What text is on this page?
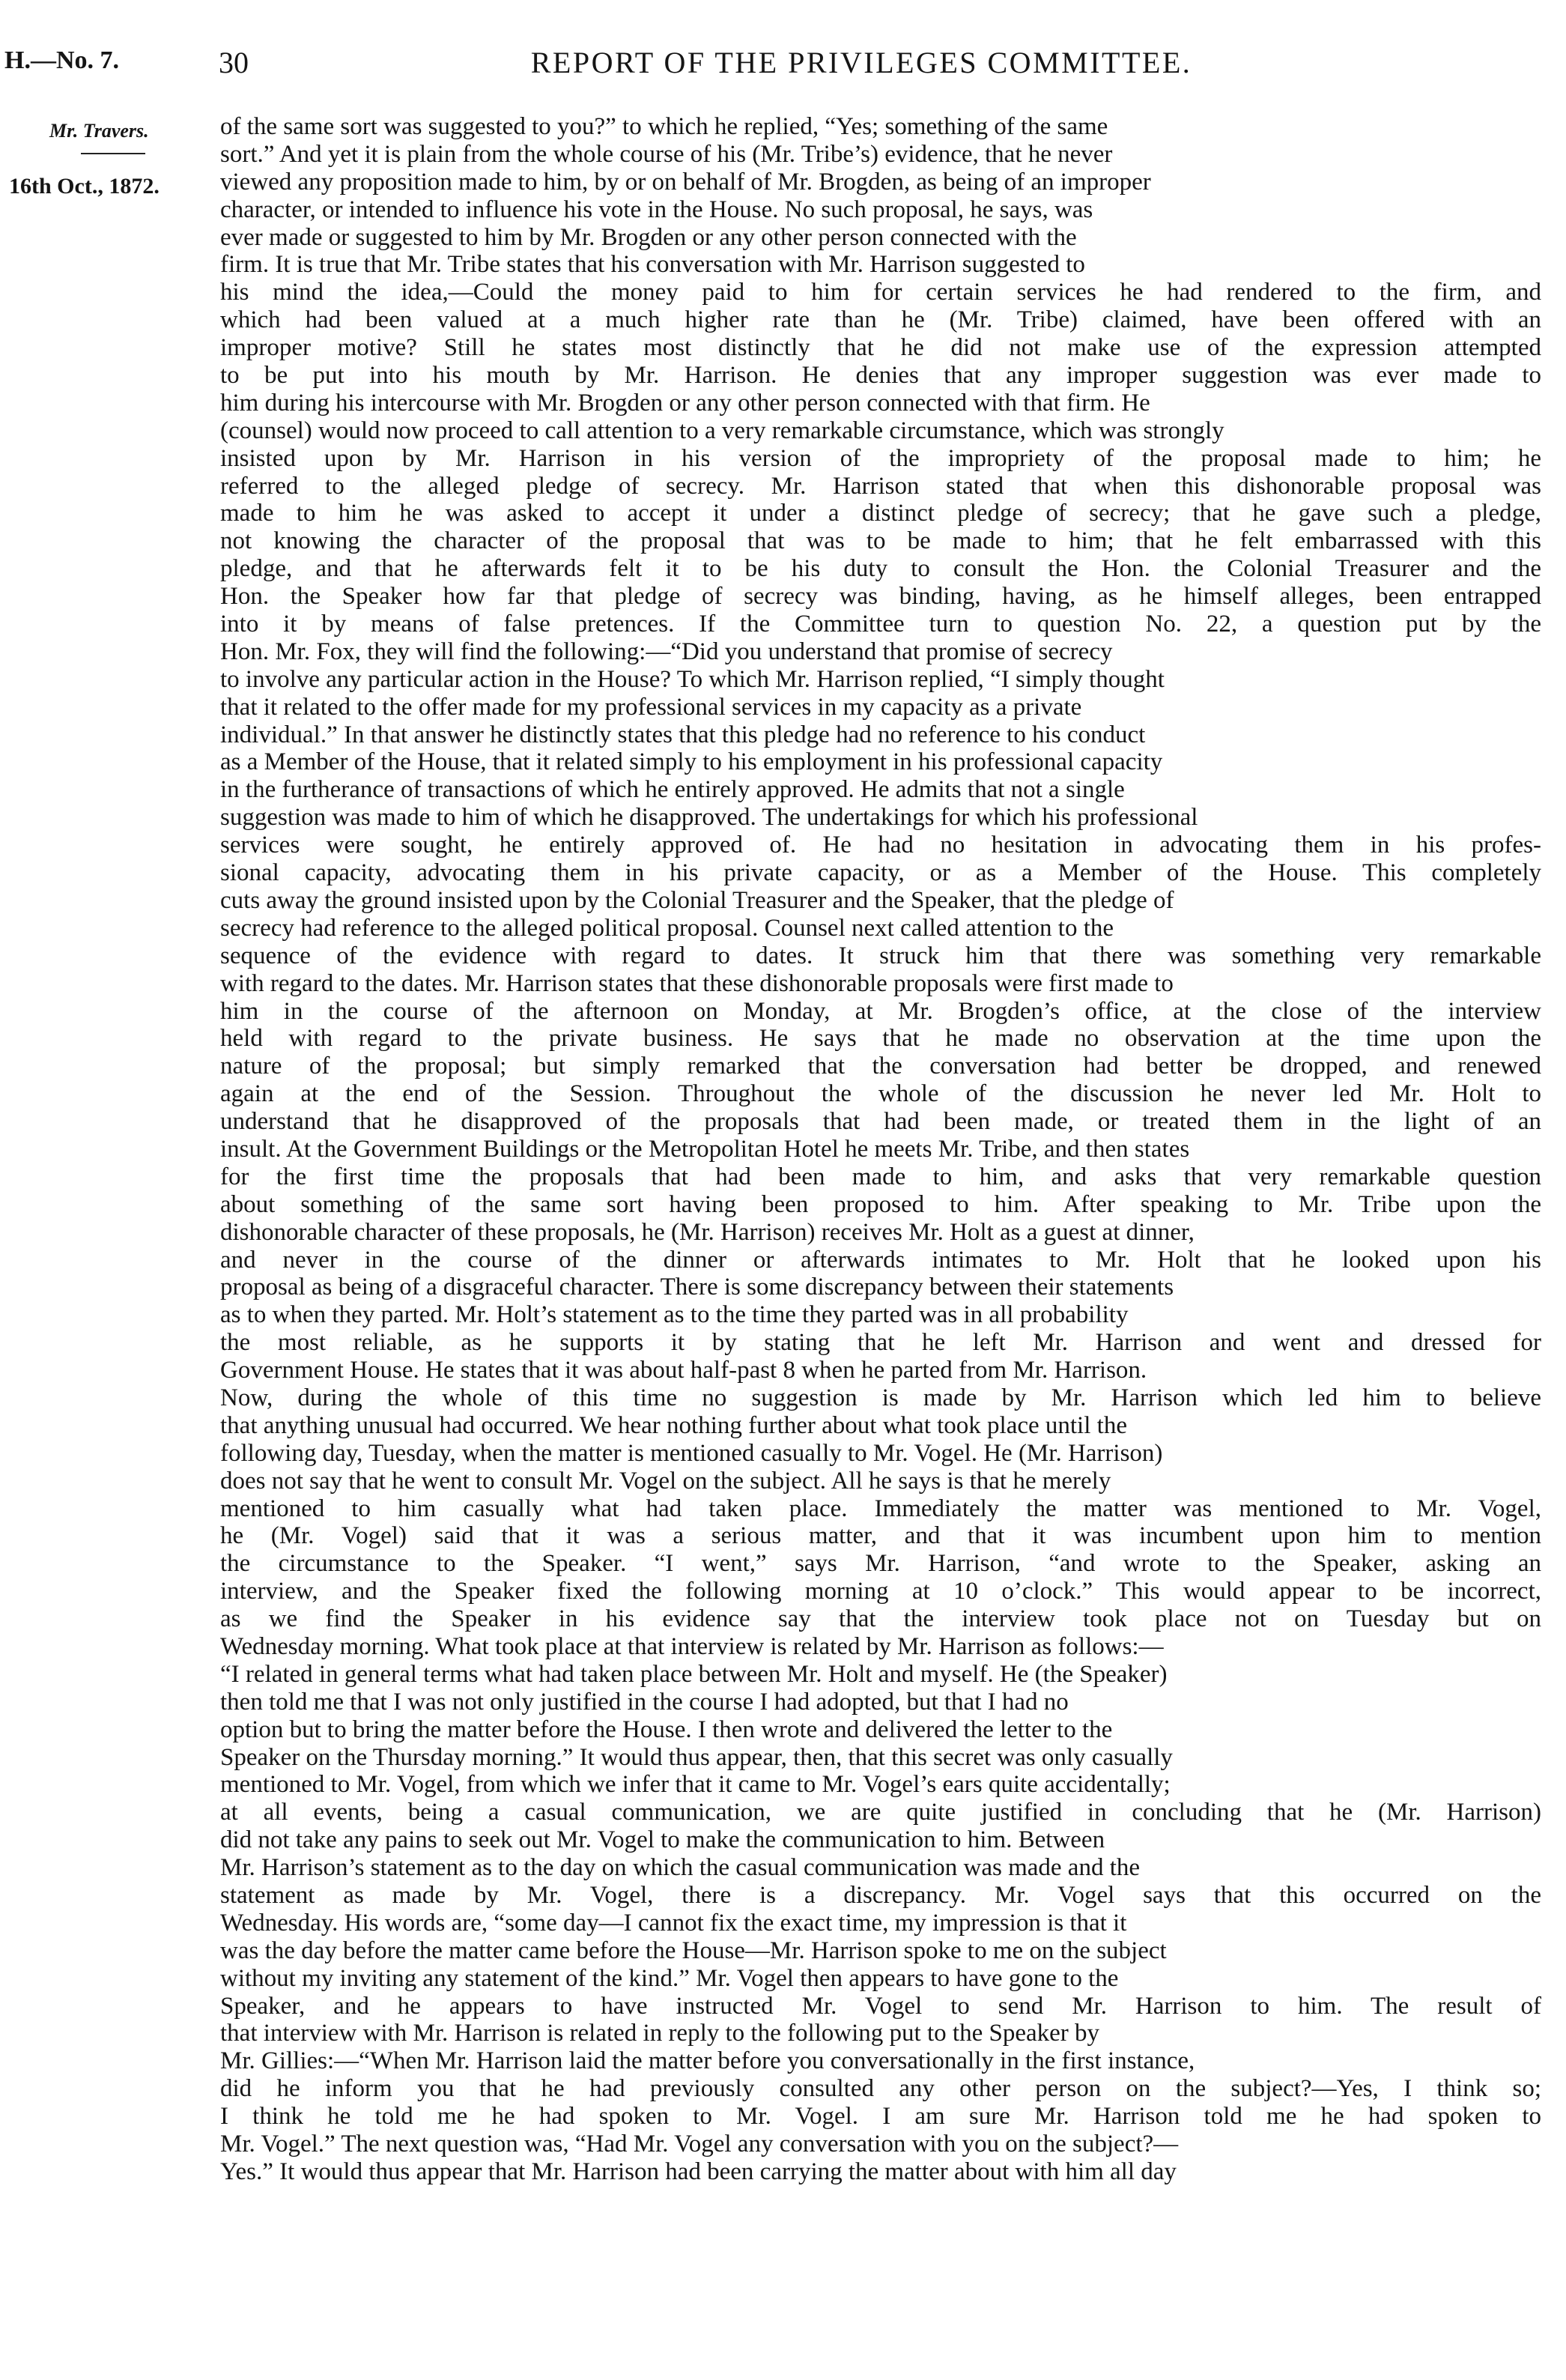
H.—No. 7.	30	REPORT OF THE PRIVILEGES COMMITTEE.
Mr. Travers.
16th Oct., 1872.
of the same sort was suggested to you?” to which he replied, “Yes; something of the same
sort.” And yet it is plain from the whole course of his (Mr. Tribe’s) evidence, that he never
viewed any proposition made to him, by or on behalf of Mr. Brogden, as being of an improper
character, or intended to influence his vote in the House. No such proposal, he says, was
ever made or suggested to him by Mr. Brogden or any other person connected with the
firm. It is true that Mr. Tribe states that his conversation with Mr. Harrison suggested to
his mind the idea,—Could the money paid to him for certain services he had rendered to the firm, and
which had been valued at a much higher rate than he (Mr. Tribe) claimed, have been offered with an
improper motive? Still he states most distinctly that he did not make use of the expression attempted
to be put into his mouth by Mr. Harrison. He denies that any improper suggestion was ever made to
him during his intercourse with Mr. Brogden or any other person connected with that firm. He
(counsel) would now proceed to call attention to a very remarkable circumstance, which was strongly
insisted upon by Mr. Harrison in his version of the impropriety of the proposal made to him; he
referred to the alleged pledge of secrecy. Mr. Harrison stated that when this dishonorable proposal was
made to him he was asked to accept it under a distinct pledge of secrecy; that he gave such a pledge,
not knowing the character of the proposal that was to be made to him; that he felt embarrassed with this
pledge, and that he afterwards felt it to be his duty to consult the Hon. the Colonial Treasurer and the
Hon. the Speaker how far that pledge of secrecy was binding, having, as he himself alleges, been entrapped
into it by means of false pretences. If the Committee turn to question No. 22, a question put by the
Hon. Mr. Fox, they will find the following:—“Did you understand that promise of secrecy
to involve any particular action in the House? To which Mr. Harrison replied, “I simply thought
that it related to the offer made for my professional services in my capacity as a private
individual.” In that answer he distinctly states that this pledge had no reference to his conduct
as a Member of the House, that it related simply to his employment in his professional capacity
in the furtherance of transactions of which he entirely approved. He admits that not a single
suggestion was made to him of which he disapproved. The undertakings for which his professional
services were sought, he entirely approved of. He had no hesitation in advocating them in his profes-
sional capacity, advocating them in his private capacity, or as a Member of the House. This completely
cuts away the ground insisted upon by the Colonial Treasurer and the Speaker, that the pledge of
secrecy had reference to the alleged political proposal. Counsel next called attention to the
sequence of the evidence with regard to dates. It struck him that there was something very remarkable
with regard to the dates. Mr. Harrison states that these dishonorable proposals were first made to
him in the course of the afternoon on Monday, at Mr. Brogden’s office, at the close of the interview
held with regard to the private business. He says that he made no observation at the time upon the
nature of the proposal; but simply remarked that the conversation had better be dropped, and renewed
again at the end of the Session. Throughout the whole of the discussion he never led Mr. Holt to
understand that he disapproved of the proposals that had been made, or treated them in the light of an
insult. At the Government Buildings or the Metropolitan Hotel he meets Mr. Tribe, and then states
for the first time the proposals that had been made to him, and asks that very remarkable question
about something of the same sort having been proposed to him. After speaking to Mr. Tribe upon the
dishonorable character of these proposals, he (Mr. Harrison) receives Mr. Holt as a guest at dinner,
and never in the course of the dinner or afterwards intimates to Mr. Holt that he looked upon his
proposal as being of a disgraceful character. There is some discrepancy between their statements
as to when they parted. Mr. Holt’s statement as to the time they parted was in all probability
the most reliable, as he supports it by stating that he left Mr. Harrison and went and dressed for
Government House. He states that it was about half-past 8 when he parted from Mr. Harrison.
Now, during the whole of this time no suggestion is made by Mr. Harrison which led him to believe
that anything unusual had occurred. We hear nothing further about what took place until the
following day, Tuesday, when the matter is mentioned casually to Mr. Vogel. He (Mr. Harrison)
does not say that he went to consult Mr. Vogel on the subject. All he says is that he merely
mentioned to him casually what had taken place. Immediately the matter was mentioned to Mr. Vogel,
he (Mr. Vogel) said that it was a serious matter, and that it was incumbent upon him to mention
the circumstance to the Speaker. “I went,” says Mr. Harrison, “and wrote to the Speaker, asking an
interview, and the Speaker fixed the following morning at 10 o’clock.” This would appear to be incorrect,
as we find the Speaker in his evidence say that the interview took place not on Tuesday but on
Wednesday morning. What took place at that interview is related by Mr. Harrison as follows:—
“I related in general terms what had taken place between Mr. Holt and myself. He (the Speaker)
then told me that I was not only justified in the course I had adopted, but that I had no
option but to bring the matter before the House. I then wrote and delivered the letter to the
Speaker on the Thursday morning.” It would thus appear, then, that this secret was only casually
mentioned to Mr. Vogel, from which we infer that it came to Mr. Vogel’s ears quite accidentally;
at all events, being a casual communication, we are quite justified in concluding that he (Mr. Harrison)
did not take any pains to seek out Mr. Vogel to make the communication to him. Between
Mr. Harrison’s statement as to the day on which the casual communication was made and the
statement as made by Mr. Vogel, there is a discrepancy. Mr. Vogel says that this occurred on the
Wednesday. His words are, “some day—I cannot fix the exact time, my impression is that it
was the day before the matter came before the House—Mr. Harrison spoke to me on the subject
without my inviting any statement of the kind.” Mr. Vogel then appears to have gone to the
Speaker, and he appears to have instructed Mr. Vogel to send Mr. Harrison to him. The result of
that interview with Mr. Harrison is related in reply to the following put to the Speaker by
Mr. Gillies:—“When Mr. Harrison laid the matter before you conversationally in the first instance,
did he inform you that he had previously consulted any other person on the subject?—Yes, I think so;
I think he told me he had spoken to Mr. Vogel. I am sure Mr. Harrison told me he had spoken to
Mr. Vogel.” The next question was, “Had Mr. Vogel any conversation with you on the subject?—
Yes.” It would thus appear that Mr. Harrison had been carrying the matter about with him all day
